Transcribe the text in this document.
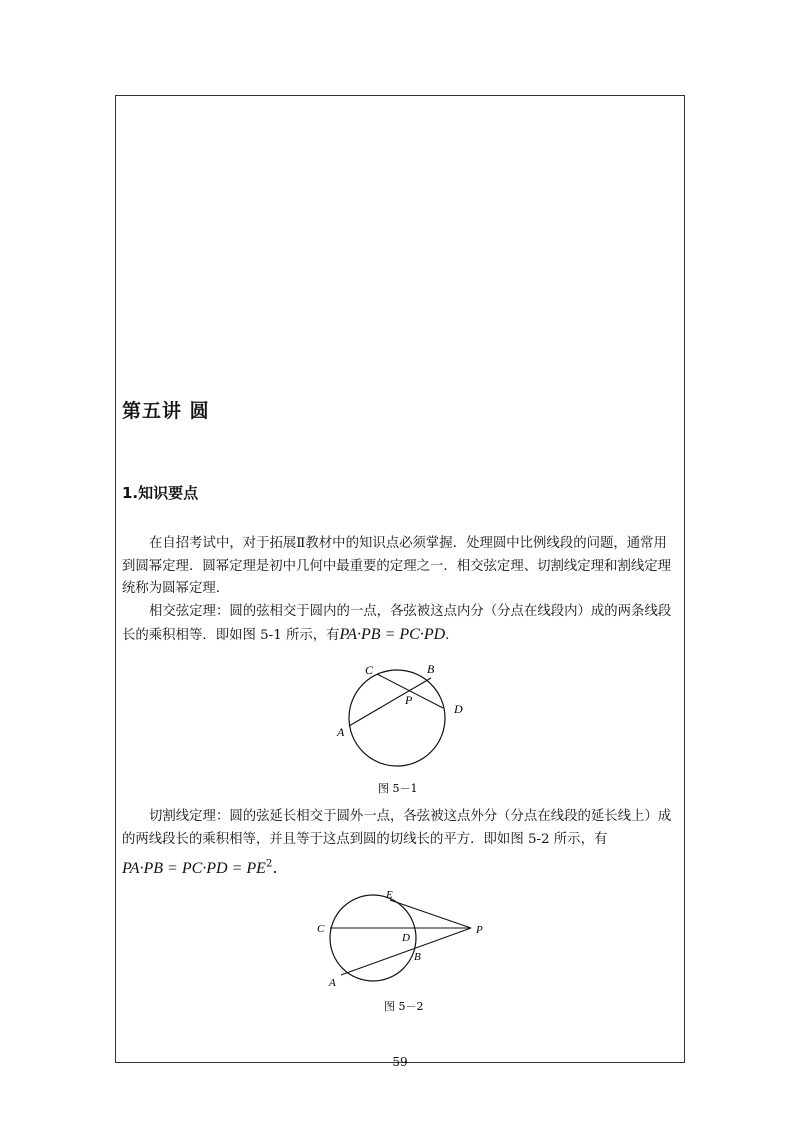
第五讲 圆
1.知识要点

在自招考试中，对于拓展Ⅱ教材中的知识点必须掌握．处理圆中比例线段的问题，通常用到圆幂定理．圆幂定理是初中几何中最重要的定理之一．相交弦定理、切割线定理和割线定理统称为圆幂定理．

相交弦定理：圆的弦相交于圆内的一点，各弦被这点内分（分点在线段内）成的两条线段长的乘积相等．即如图 5-1 所示，有PA·PB = PC·PD.

C	B
P
D
A
图 5－1

切割线定理：圆的弦延长相交于圆外一点，各弦被这点外分（分点在线段的延长线上）成的两线段长的乘积相等，并且等于这点到圆的切线长的平方．即如图 5-2 所示，有

$PA\cdot PB = PC\cdot PD = PE^2$.
E
C
D
P
B
A
图 5－2

59
